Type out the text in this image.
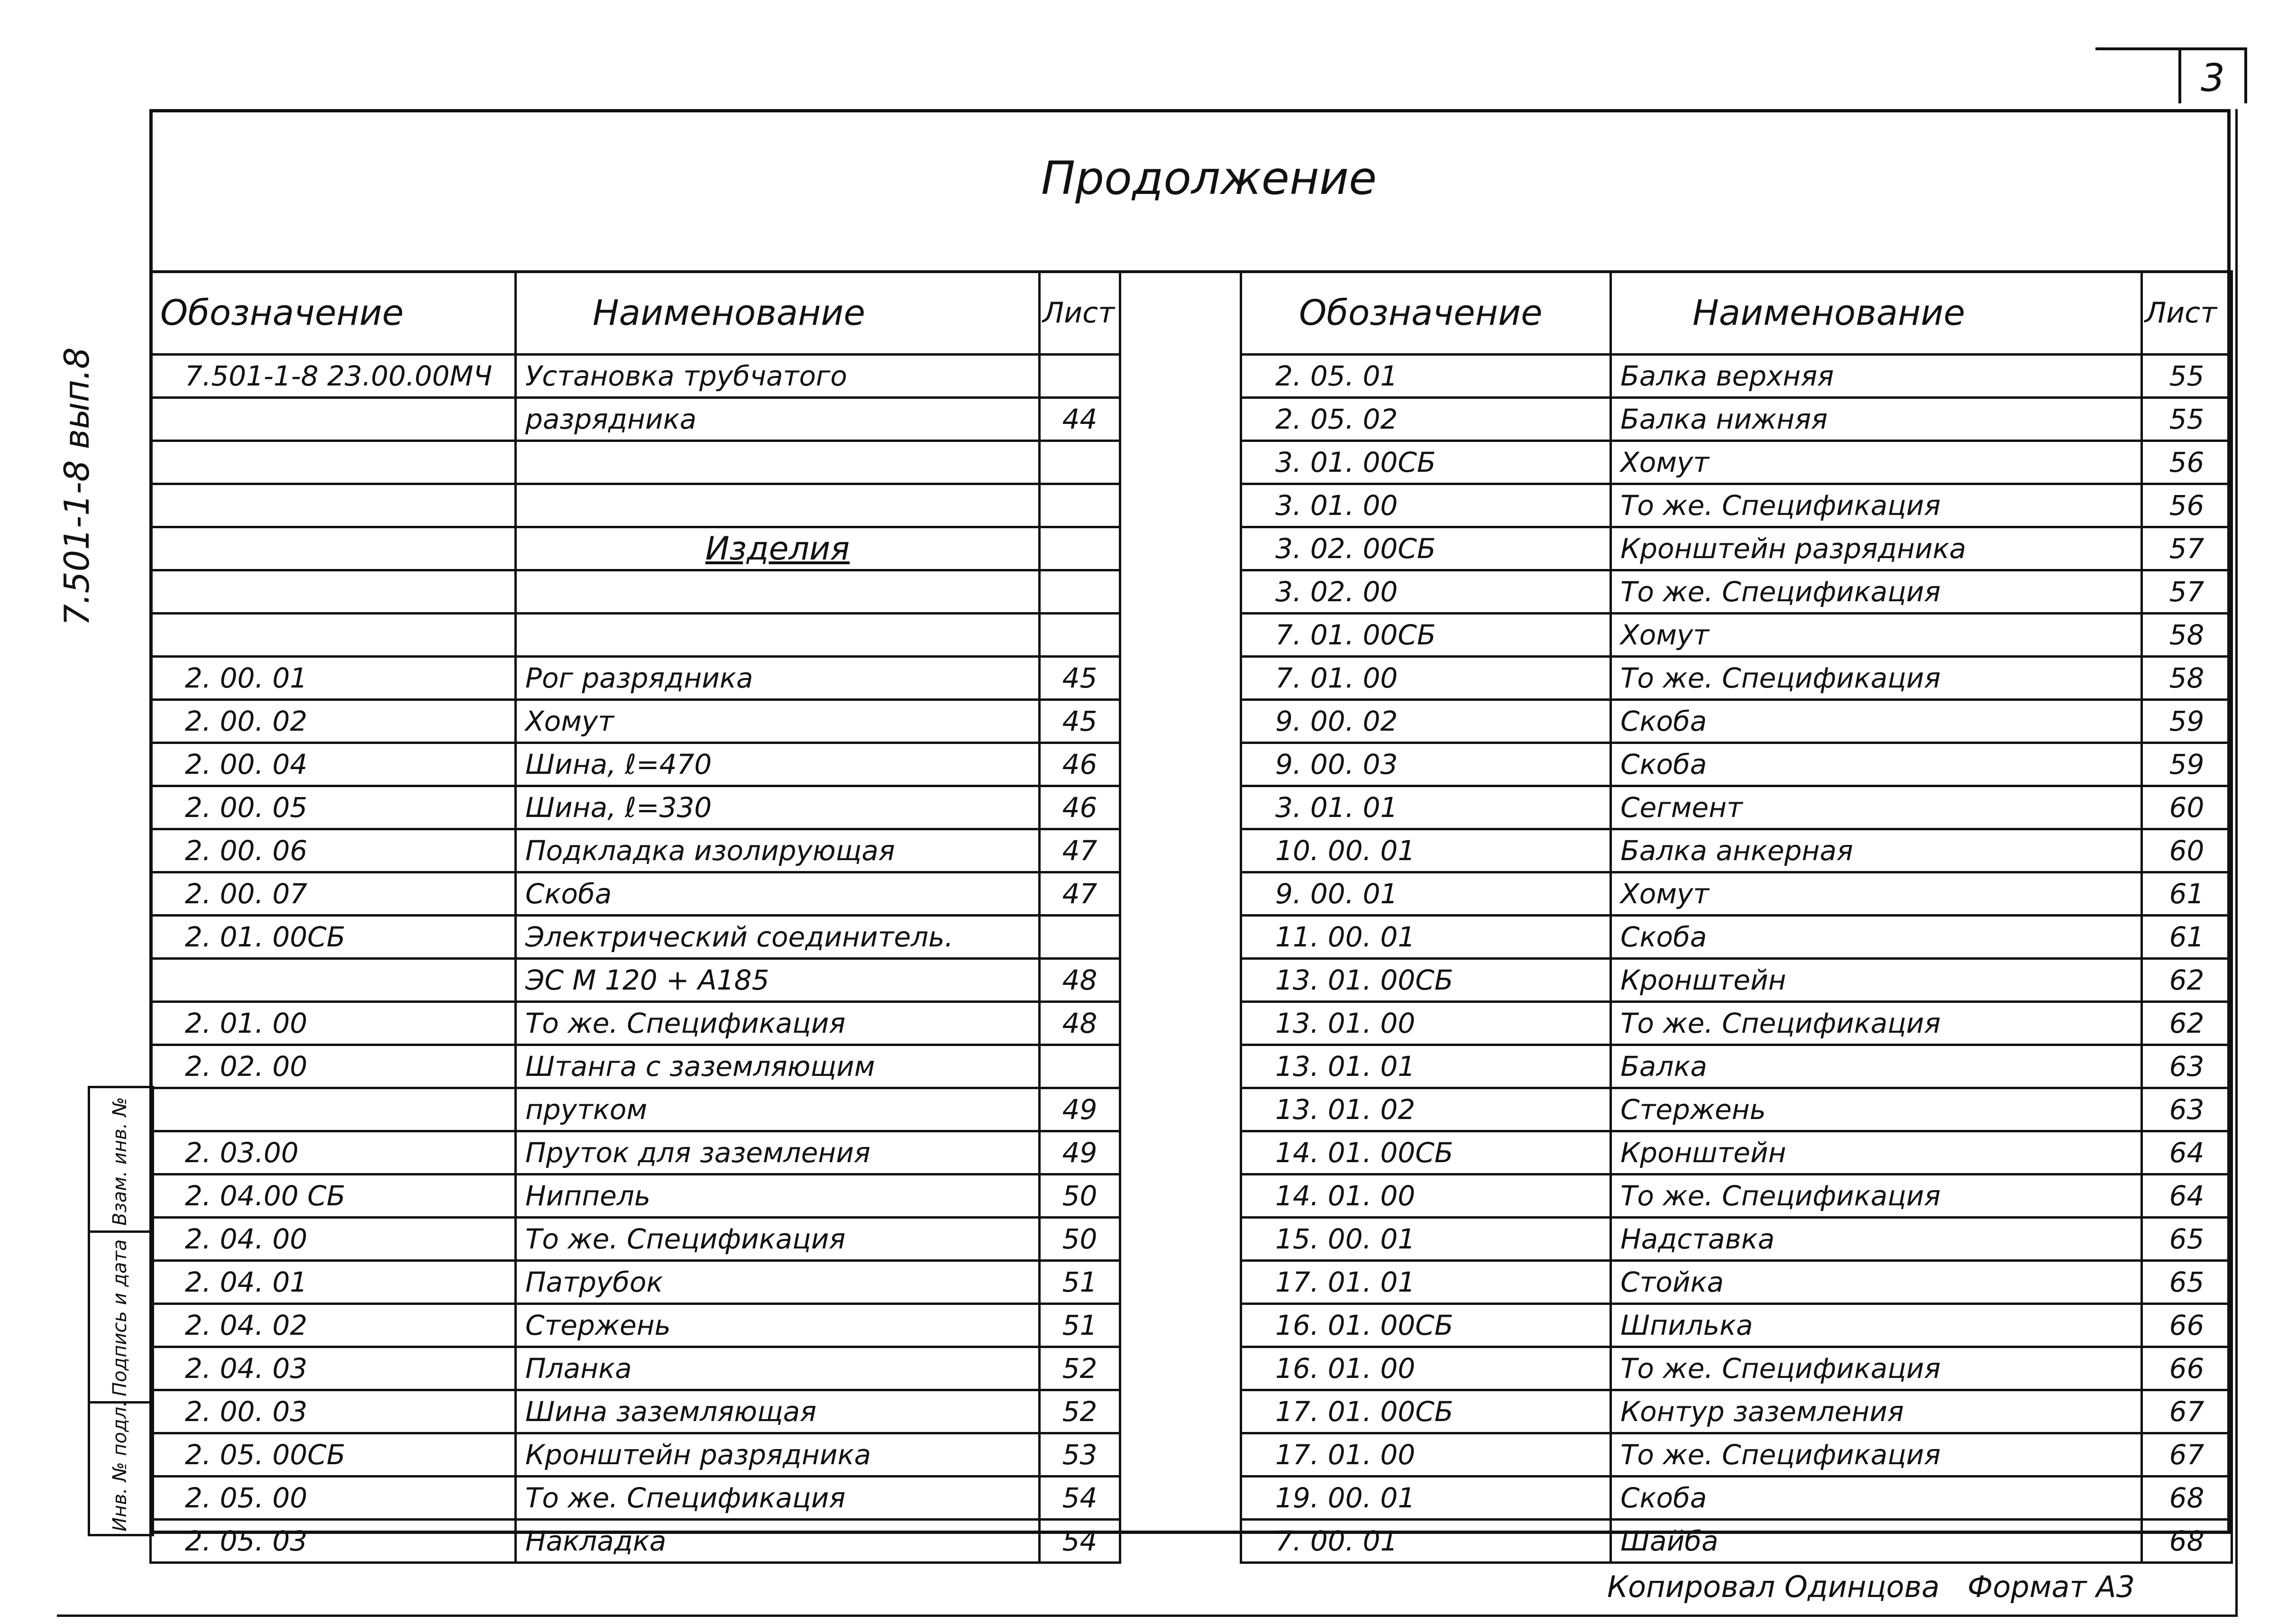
3
Продолжение
7.501-1-8 вып.8
Обозначение	Наименование	Лист
7.501-1-8 23.00.00МЧ	Установка трубчатого	
	разрядника	44

	Изделия	

2. 00. 01	Рог разрядника	45
2. 00. 02	Хомут	45
2. 00. 04	Шина, ℓ=470	46
2. 00. 05	Шина, ℓ=330	46
2. 00. 06	Подкладка изолирующая	47
2. 00. 07	Скоба	47
2. 01. 00СБ	Электрический соединитель.	
	ЭС М 120 + А185	48
2. 01. 00	То же. Спецификация	48
2. 02. 00	Штанга с заземляющим	
	прутком	49
2. 03.00	Пруток для заземления	49
2. 04.00 СБ	Ниппель	50
2. 04. 00	То же. Спецификация	50
2. 04. 01	Патрубок	51
2. 04. 02	Стержень	51
2. 04. 03	Планка	52
2. 00. 03	Шина заземляющая	52
2. 05. 00СБ	Кронштейн разрядника	53
2. 05. 00	То же. Спецификация	54
2. 05. 03	Накладка	54
Обозначение	Наименование	Лист
2. 05. 01	Балка верхняя	55
2. 05. 02	Балка нижняя	55
3. 01. 00СБ	Хомут	56
3. 01. 00	То же. Спецификация	56
3. 02. 00СБ	Кронштейн разрядника	57
3. 02. 00	То же. Спецификация	57
7. 01. 00СБ	Хомут	58
7. 01. 00	То же. Спецификация	58
9. 00. 02	Скоба	59
9. 00. 03	Скоба	59
3. 01. 01	Сегмент	60
10. 00. 01	Балка анкерная	60
9. 00. 01	Хомут	61
11. 00. 01	Скоба	61
13. 01. 00СБ	Кронштейн	62
13. 01. 00	То же. Спецификация	62
13. 01. 01	Балка	63
13. 01. 02	Стержень	63
14. 01. 00СБ	Кронштейн	64
14. 01. 00	То же. Спецификация	64
15. 00. 01	Надставка	65
17. 01. 01	Стойка	65
16. 01. 00СБ	Шпилька	66
16. 01. 00	То же. Спецификация	66
17. 01. 00СБ	Контур заземления	67
17. 01. 00	То же. Спецификация	67
19. 00. 01	Скоба	68
7. 00. 01	Шайба	68
Взам. инв. №
Подпись и дата
Инв. № подл.
Копировал Одинцова Формат А3
